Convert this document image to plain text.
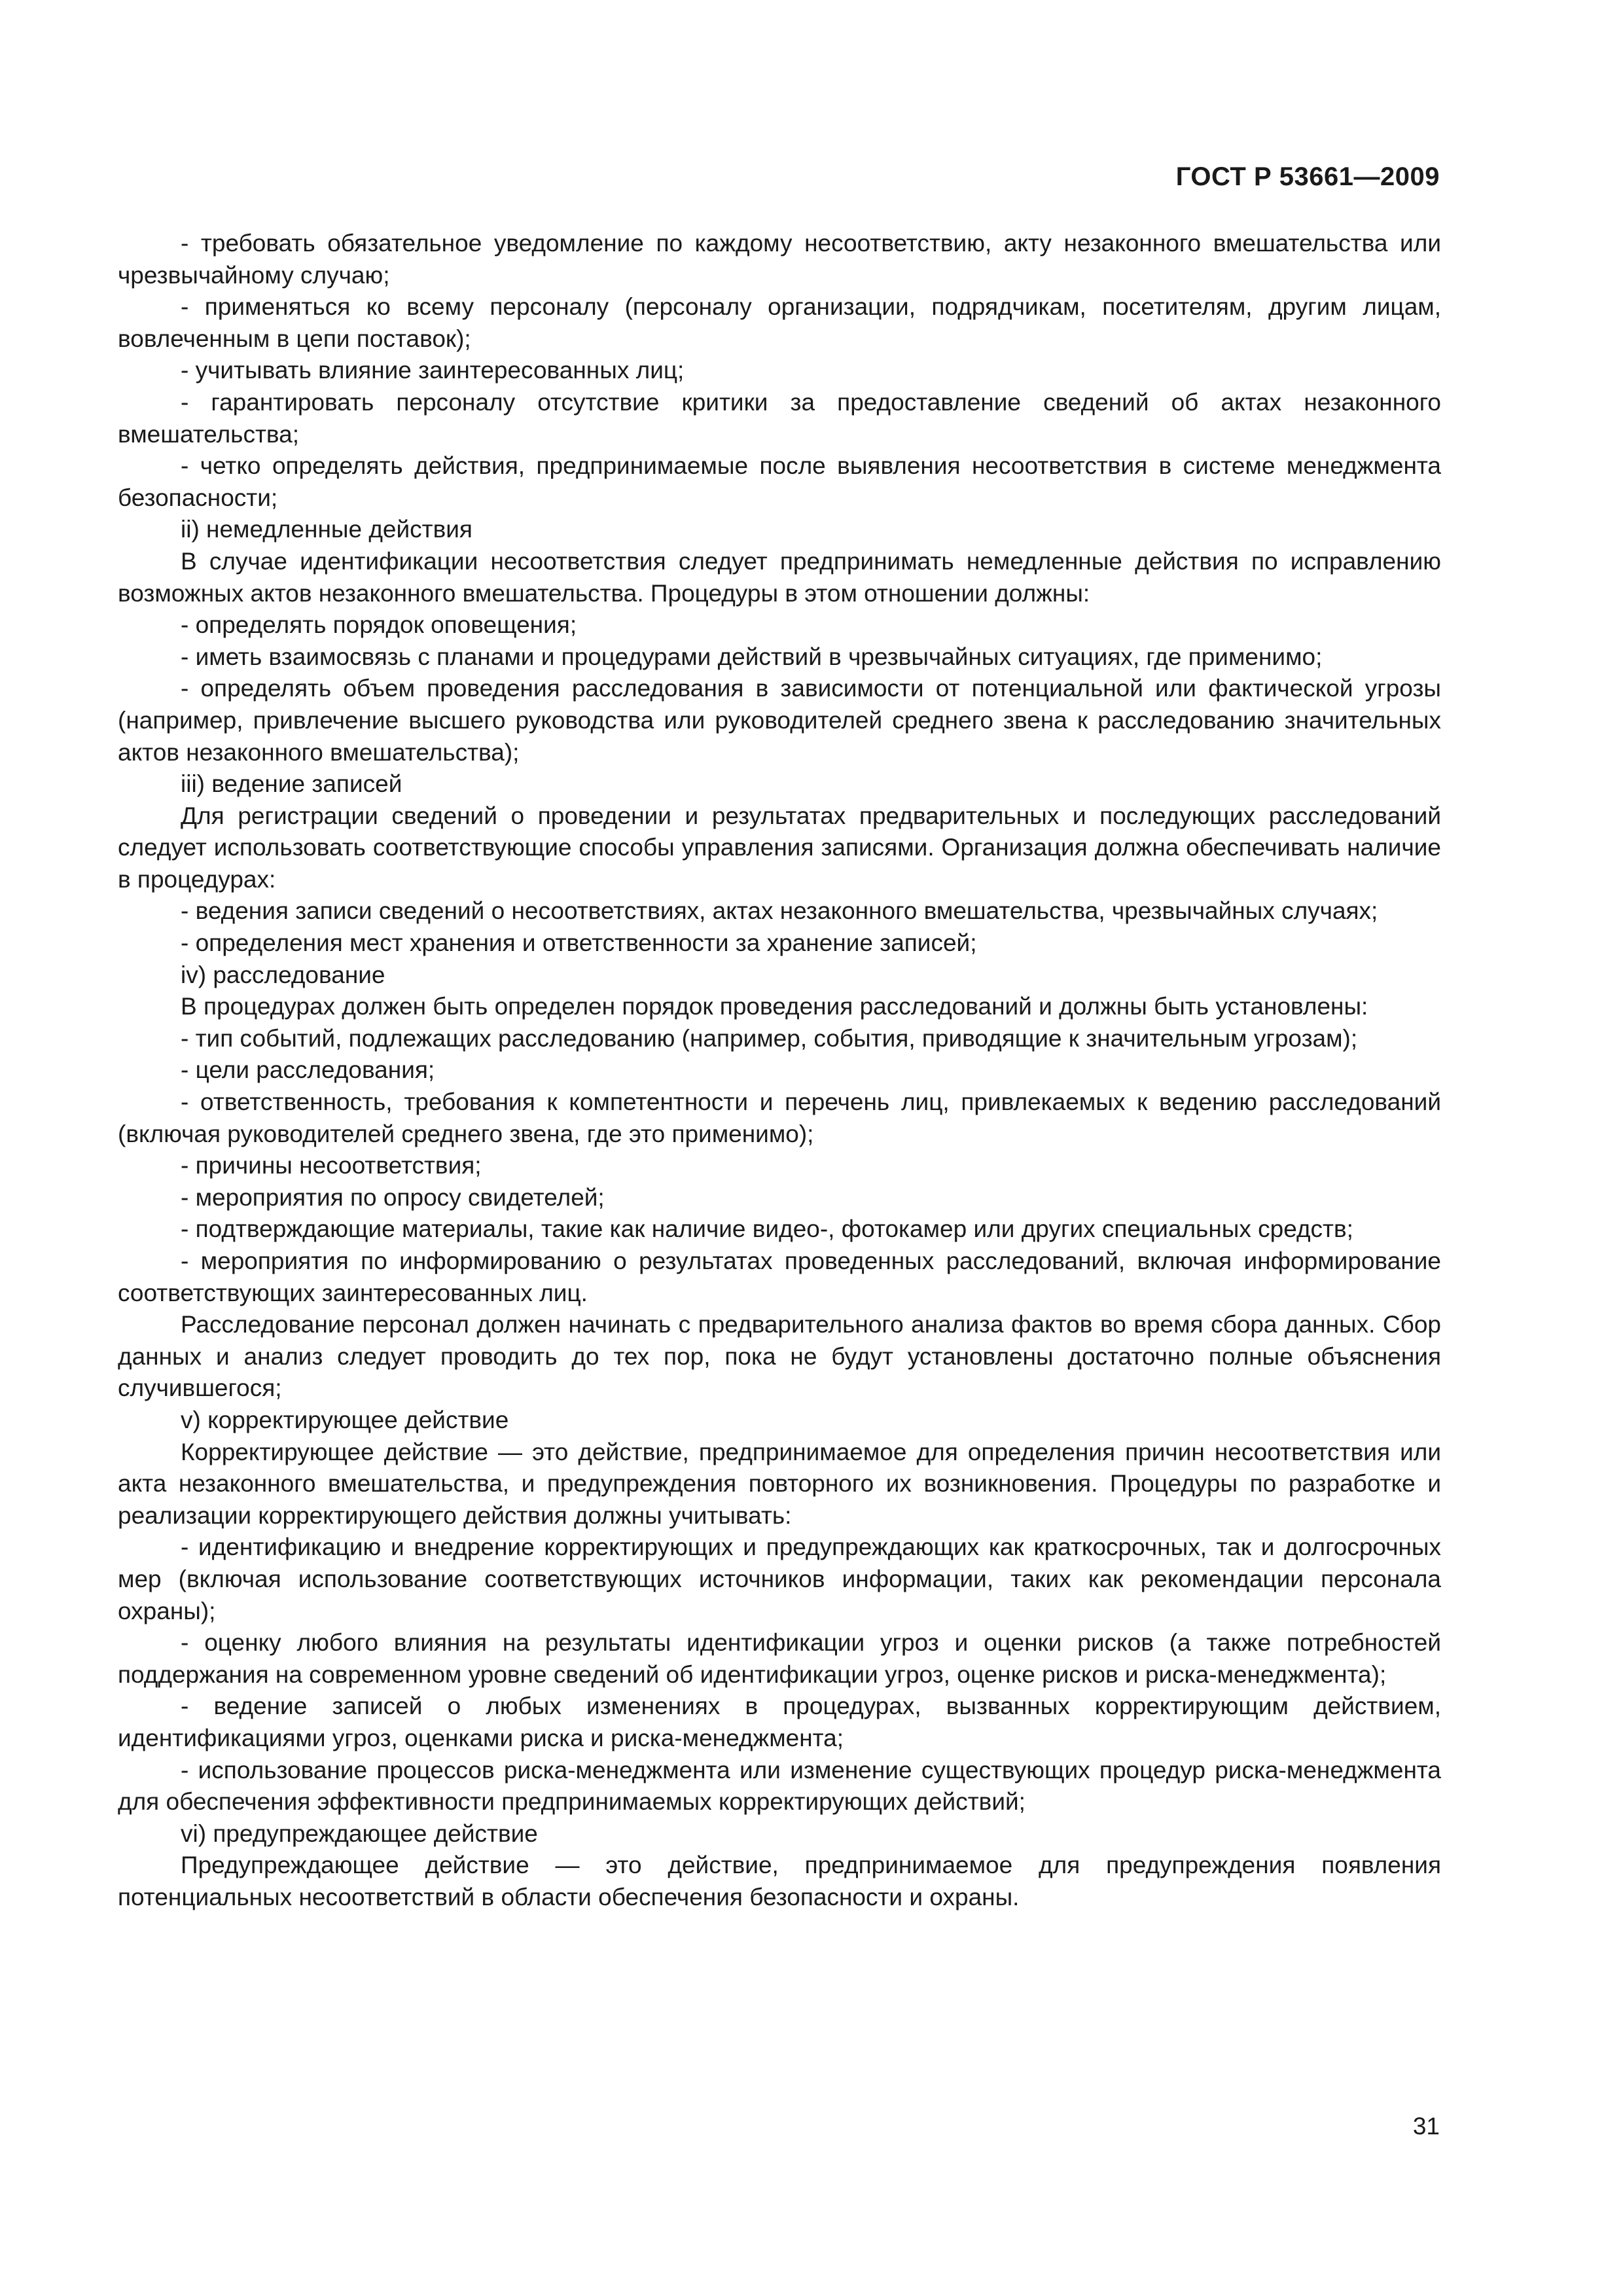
ГОСТ Р 53661—2009

- требовать обязательное уведомление по каждому несоответствию, акту незаконного вмешательства или чрезвычайному случаю;

- применяться ко всему персоналу (персоналу организации, подрядчикам, посетителям, другим лицам, вовлеченным в цепи поставок);

- учитывать влияние заинтересованных лиц;

- гарантировать персоналу отсутствие критики за предоставление сведений об актах незаконного вмешательства;

- четко определять действия, предпринимаемые после выявления несоответствия в системе менеджмента безопасности;

ii) немедленные действия

В случае идентификации несоответствия следует предпринимать немедленные действия по исправлению возможных актов незаконного вмешательства. Процедуры в этом отношении должны:

- определять порядок оповещения;

- иметь взаимосвязь с планами и процедурами действий в чрезвычайных ситуациях, где применимо;

- определять объем проведения расследования в зависимости от потенциальной или фактической угрозы (например, привлечение высшего руководства или руководителей среднего звена к расследованию значительных актов незаконного вмешательства);

iii) ведение записей

Для регистрации сведений о проведении и результатах предварительных и последующих расследований следует использовать соответствующие способы управления записями. Организация должна обеспечивать наличие в процедурах:

- ведения записи сведений о несоответствиях, актах незаконного вмешательства, чрезвычайных случаях;

- определения мест хранения и ответственности за хранение записей;

iv) расследование

В процедурах должен быть определен порядок проведения расследований и должны быть установлены:

- тип событий, подлежащих расследованию (например, события, приводящие к значительным угрозам);

- цели расследования;

- ответственность, требования к компетентности и перечень лиц, привлекаемых к ведению расследований (включая руководителей среднего звена, где это применимо);

- причины несоответствия;

- мероприятия по опросу свидетелей;

- подтверждающие материалы, такие как наличие видео-, фотокамер или других специальных средств;

- мероприятия по информированию о результатах проведенных расследований, включая информирование соответствующих заинтересованных лиц.

Расследование персонал должен начинать с предварительного анализа фактов во время сбора данных. Сбор данных и анализ следует проводить до тех пор, пока не будут установлены достаточно полные объяснения случившегося;

v) корректирующее действие

Корректирующее действие — это действие, предпринимаемое для определения причин несоответствия или акта незаконного вмешательства, и предупреждения повторного их возникновения. Процедуры по разработке и реализации корректирующего действия должны учитывать:

- идентификацию и внедрение корректирующих и предупреждающих как краткосрочных, так и долгосрочных мер (включая использование соответствующих источников информации, таких как рекомендации персонала охраны);

- оценку любого влияния на результаты идентификации угроз и оценки рисков (а также потребностей поддержания на современном уровне сведений об идентификации угроз, оценке рисков и риска-менеджмента);

- ведение записей о любых изменениях в процедурах, вызванных корректирующим действием, идентификациями угроз, оценками риска и риска-менеджмента;

- использование процессов риска-менеджмента или изменение существующих процедур риска-менеджмента для обеспечения эффективности предпринимаемых корректирующих действий;

vi) предупреждающее действие

Предупреждающее действие — это действие, предпринимаемое для предупреждения появления потенциальных несоответствий в области обеспечения безопасности и охраны.

31
